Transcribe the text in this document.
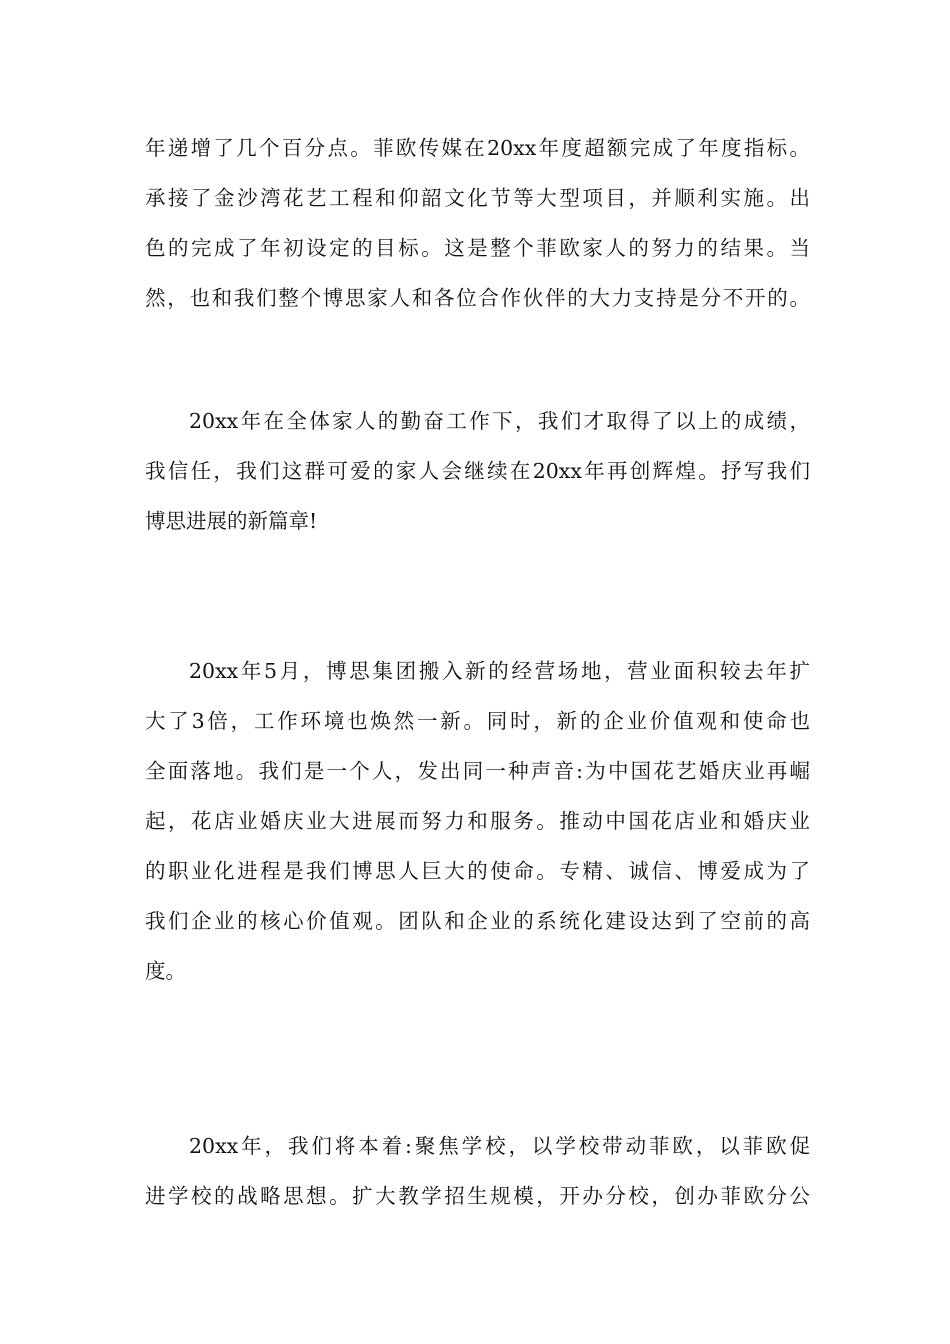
年递增了几个百分点。菲欧传媒在20xx年度超额完成了年度指标。
承接了金沙湾花艺工程和仰韶文化节等大型项目，并顺利实施。出
色的完成了年初设定的目标。这是整个菲欧家人的努力的结果。当
然，也和我们整个博思家人和各位合作伙伴的大力支持是分不开的。
20xx年在全体家人的勤奋工作下，我们才取得了以上的成绩，
我信任，我们这群可爱的家人会继续在20xx年再创辉煌。抒写我们
博思进展的新篇章!
20xx年5月，博思集团搬入新的经营场地，营业面积较去年扩
大了3倍，工作环境也焕然一新。同时，新的企业价值观和使命也
全面落地。我们是一个人，发出同一种声音:为中国花艺婚庆业再崛
起，花店业婚庆业大进展而努力和服务。推动中国花店业和婚庆业
的职业化进程是我们博思人巨大的使命。专精、诚信、博爱成为了
我们企业的核心价值观。团队和企业的系统化建设达到了空前的高
度。
20xx年，我们将本着:聚焦学校，以学校带动菲欧，以菲欧促
进学校的战略思想。扩大教学招生规模，开办分校，创办菲欧分公
